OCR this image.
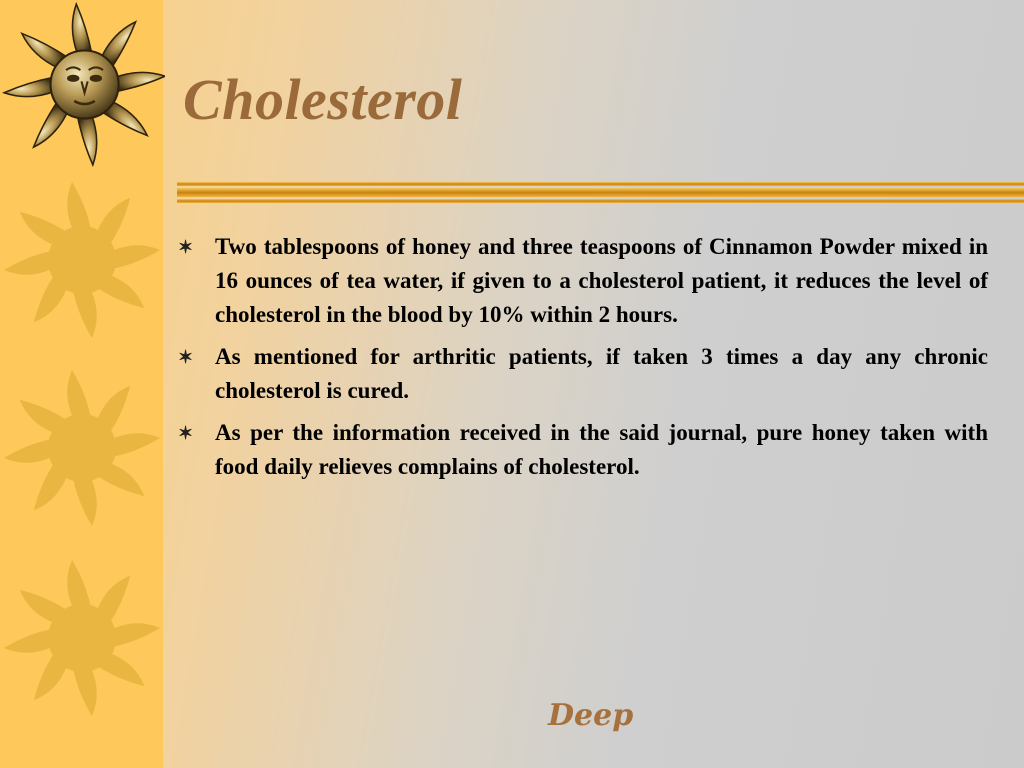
Cholesterol
✶ Two tablespoons of honey and three teaspoons of Cinnamon Powder mixed in 16 ounces of tea water, if given to a cholesterol patient, it reduces the level of cholesterol in the blood by 10% within 2 hours.
✶ As mentioned for arthritic patients, if taken 3 times a day any chronic cholesterol is cured.
✶ As per the information received in the said journal, pure honey taken with food daily relieves complains of cholesterol.
Deep
